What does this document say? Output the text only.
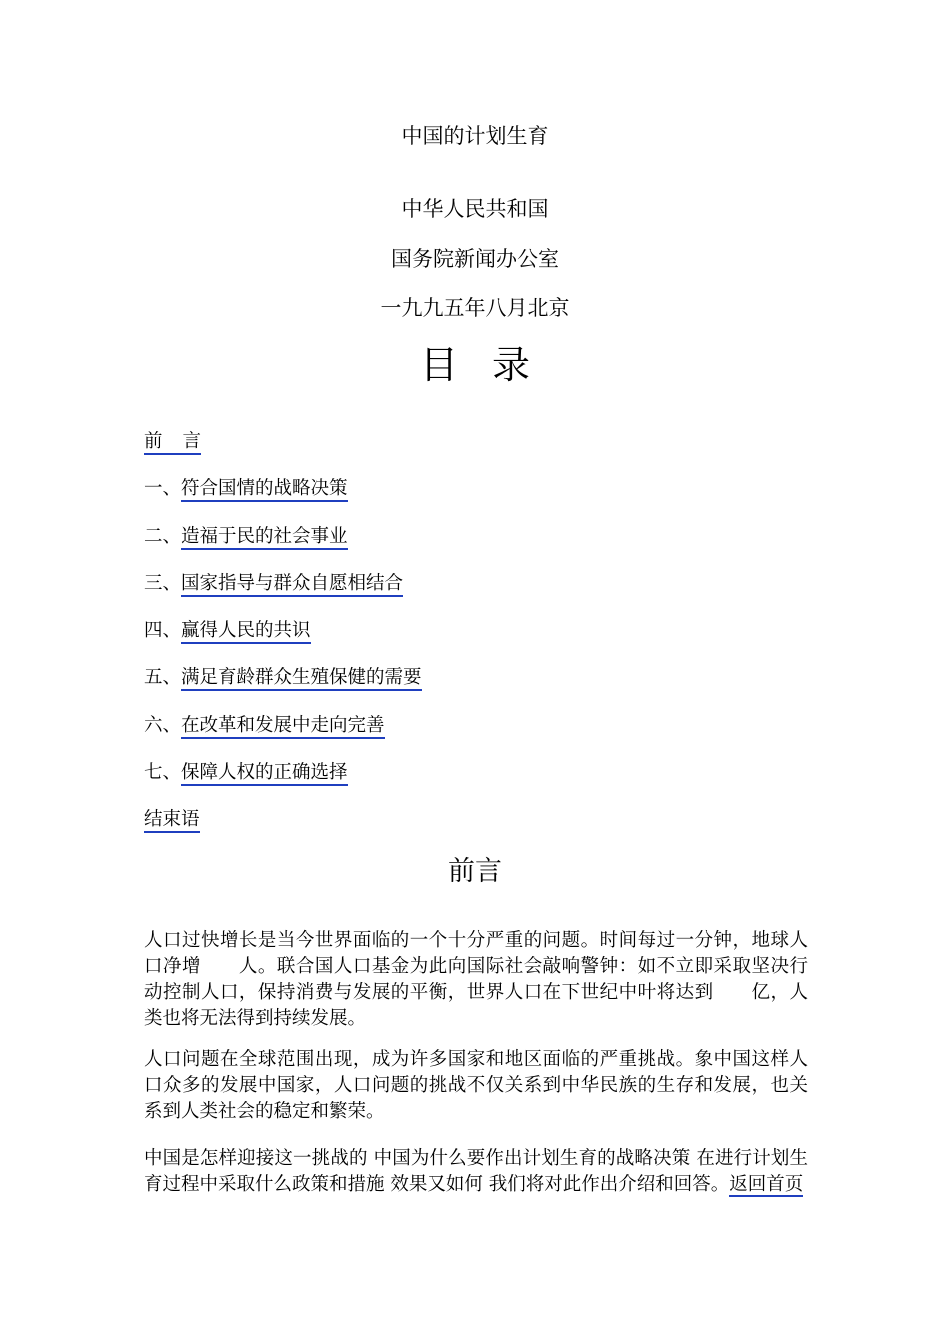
中国的计划生育
中华人民共和国
国务院新闻办公室
一九九五年八月北京
目录
前言
一、符合国情的战略决策
二、造福于民的社会事业
三、国家指导与群众自愿相结合
四、赢得人民的共识
五、满足育龄群众生殖保健的需要
六、在改革和发展中走向完善
七、保障人权的正确选择
结束语
前言

人口过快增长是当今世界面临的一个十分严重的问题。时间每过一分钟，地球人口净增　　人。联合国人口基金为此向国际社会敲响警钟：如不立即采取坚决行动控制人口，保持消费与发展的平衡，世界人口在下世纪中叶将达到　　亿，人类也将无法得到持续发展。

人口问题在全球范围出现，成为许多国家和地区面临的严重挑战。象中国这样人口众多的发展中国家，人口问题的挑战不仅关系到中华民族的生存和发展，也关系到人类社会的稳定和繁荣。

中国是怎样迎接这一挑战的 中国为什么要作出计划生育的战略决策 在进行计划生育过程中采取什么政策和措施 效果又如何 我们将对此作出介绍和回答。返回首页
